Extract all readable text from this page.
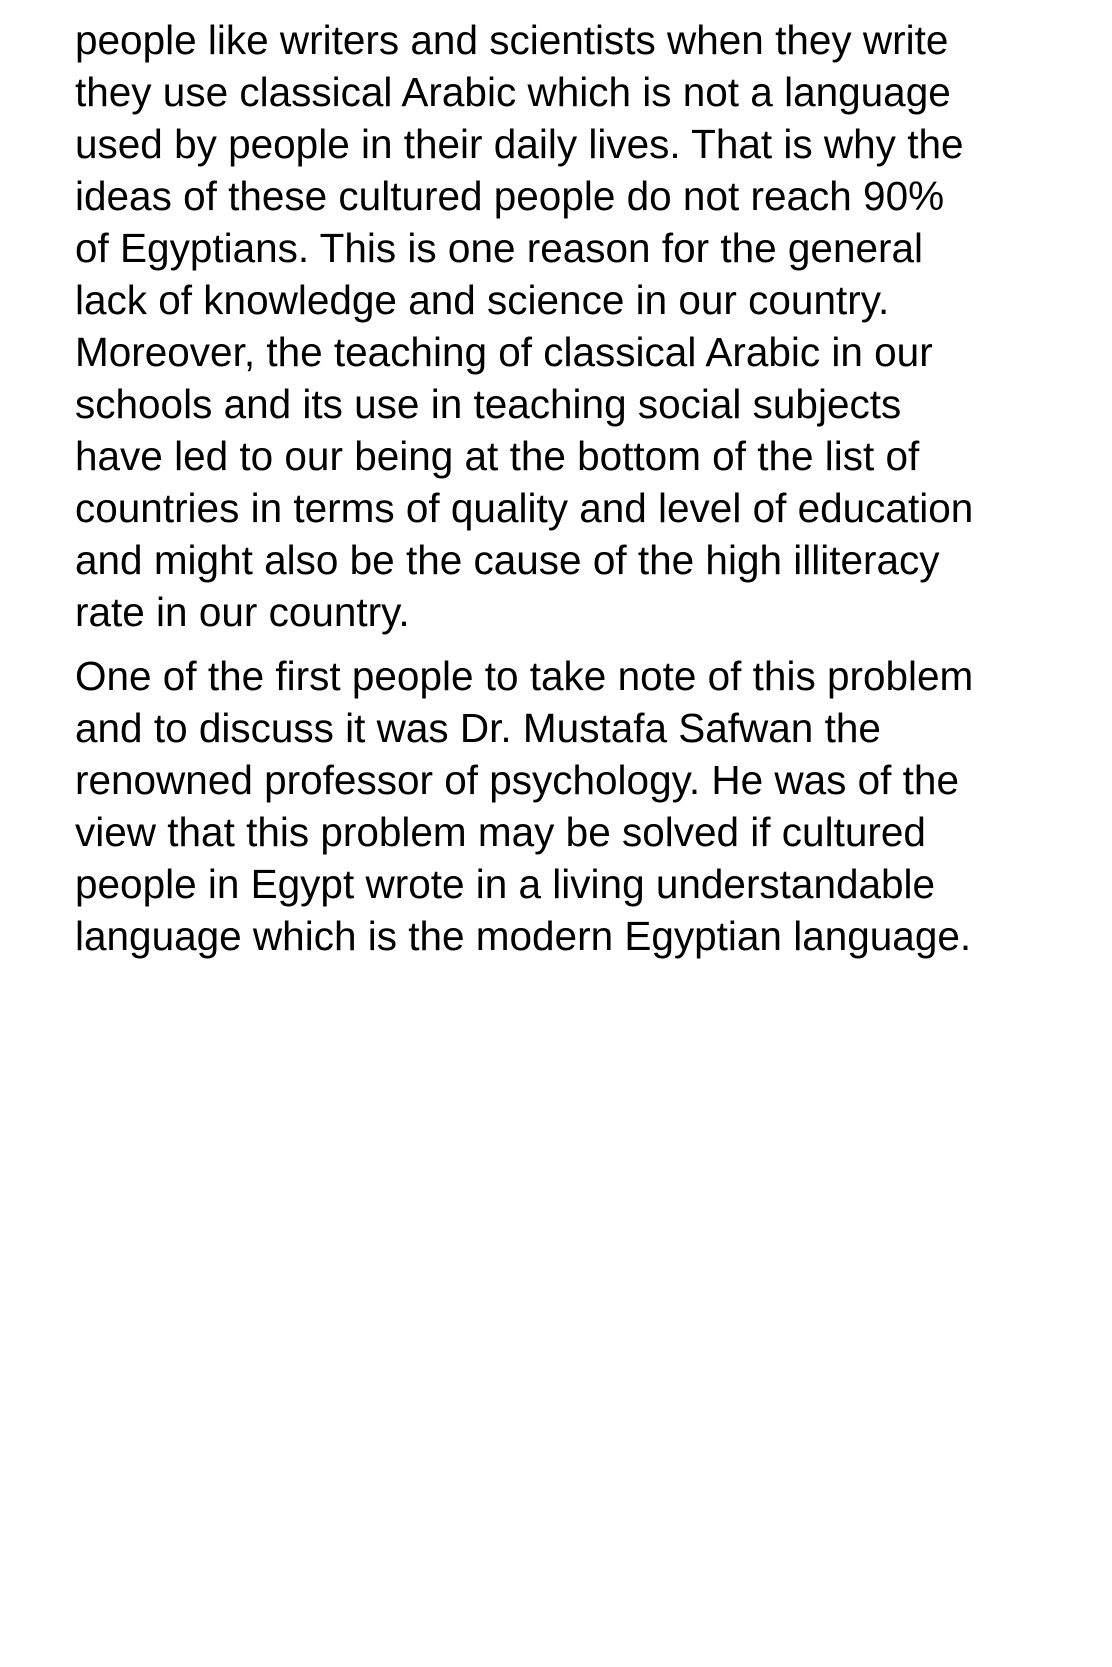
people like writers and scientists when they write
they use classical Arabic which is not a language
used by people in their daily lives. That is why the
ideas of these cultured people do not reach 90%
of Egyptians. This is one reason for the general
lack of knowledge and science in our country.
Moreover, the teaching of classical Arabic in our
schools and its use in teaching social subjects
have led to our being at the bottom of the list of
countries in terms of quality and level of education
and might also be the cause of the high illiteracy
rate in our country.

One of the first people to take note of this problem
and to discuss it was Dr. Mustafa Safwan the
renowned professor of psychology. He was of the
view that this problem may be solved if cultured
people in Egypt wrote in a living understandable
language which is the modern Egyptian language.
